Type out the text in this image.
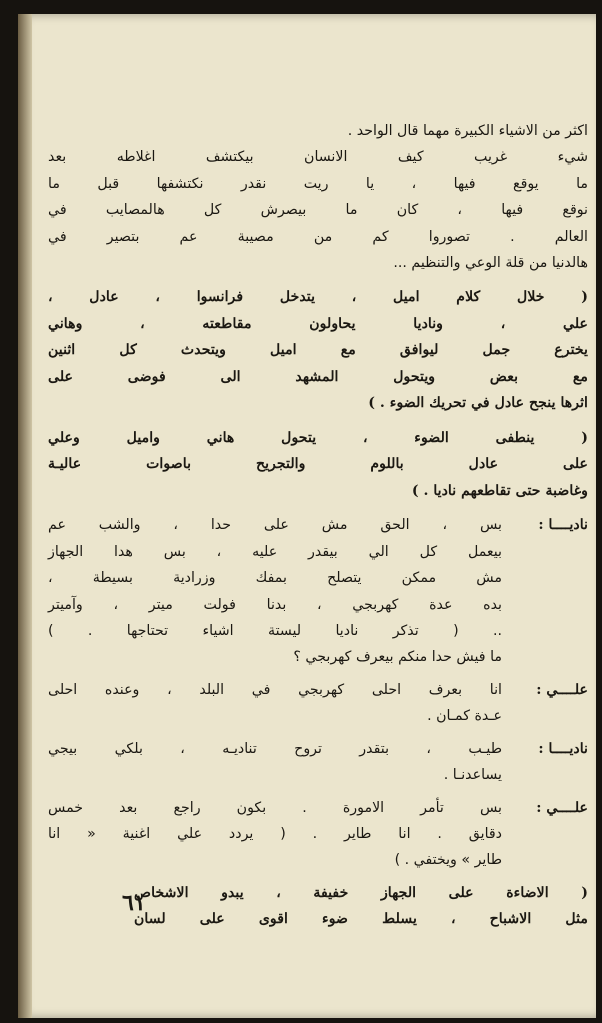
اكثر من الاشياء الكبيرة مهما قال الواحد .
شيء غريب كيف الانسان بيكتشف اغلاطه بعد
ما يوقع فيها ، يا ريت نقدر نكتشفها قبل ما
نوقع فيها ، كان ما بيصرش كل هالمصايب في
العالم . تصوروا كم من مصيبة عم بتصير في
هالدنيا من قلة الوعي والتنظيم ...
( خلال كلام اميل ، يتدخل فرانسوا ، عادل ،
علي ، وناديا يحاولون مقاطعته ، وهاني
يخترع جمل ليوافق مع اميل ويتحدث كل اثنين
مع بعض ويتحول المشهد الى فوضى على
اثرها ينجح عادل في تحريك الضوء . )
( ينطفى الضوء ، يتحول هاني واميل وعلي
على عادل باللوم والتجريح باصوات عاليـة
وغاضبة حتى تقاطعهم ناديا . )
نادیــــا :
بس ، الحق مش على حدا ، والشب عم
بيعمل كل الي بيقدر عليه ، بس هدا الجهاز
مش ممكن يتصلح بمفك وزرادية بسيطة ،
بده عدة كهربجي ، بدنا فولت ميتر ، وآميتر
.. ( تذكر ناديا ليستة اشياء تحتاجها . )
ما فيش حدا منكم بيعرف كهربجي ؟
علــــي :
انا بعرف احلى كهربجي في البلد ، وعنده احلى
عـدة كمـان .
ناديــــا :
طيـب ، بتقدر تروح تناديـه ، بلكي بيجي
يساعدنـا .
علــــي :
بس تأمر الامورة . بكون راجع بعد خمس
دقايق . انا طاير . ( يردد علي اغنية « انا
طاير » ويختفي . )
( الاضاءة على الجهاز خفيفة ، يبدو الاشخاص
مثل الاشباح ، يسلط ضوء اقوى على لسان
٦١
